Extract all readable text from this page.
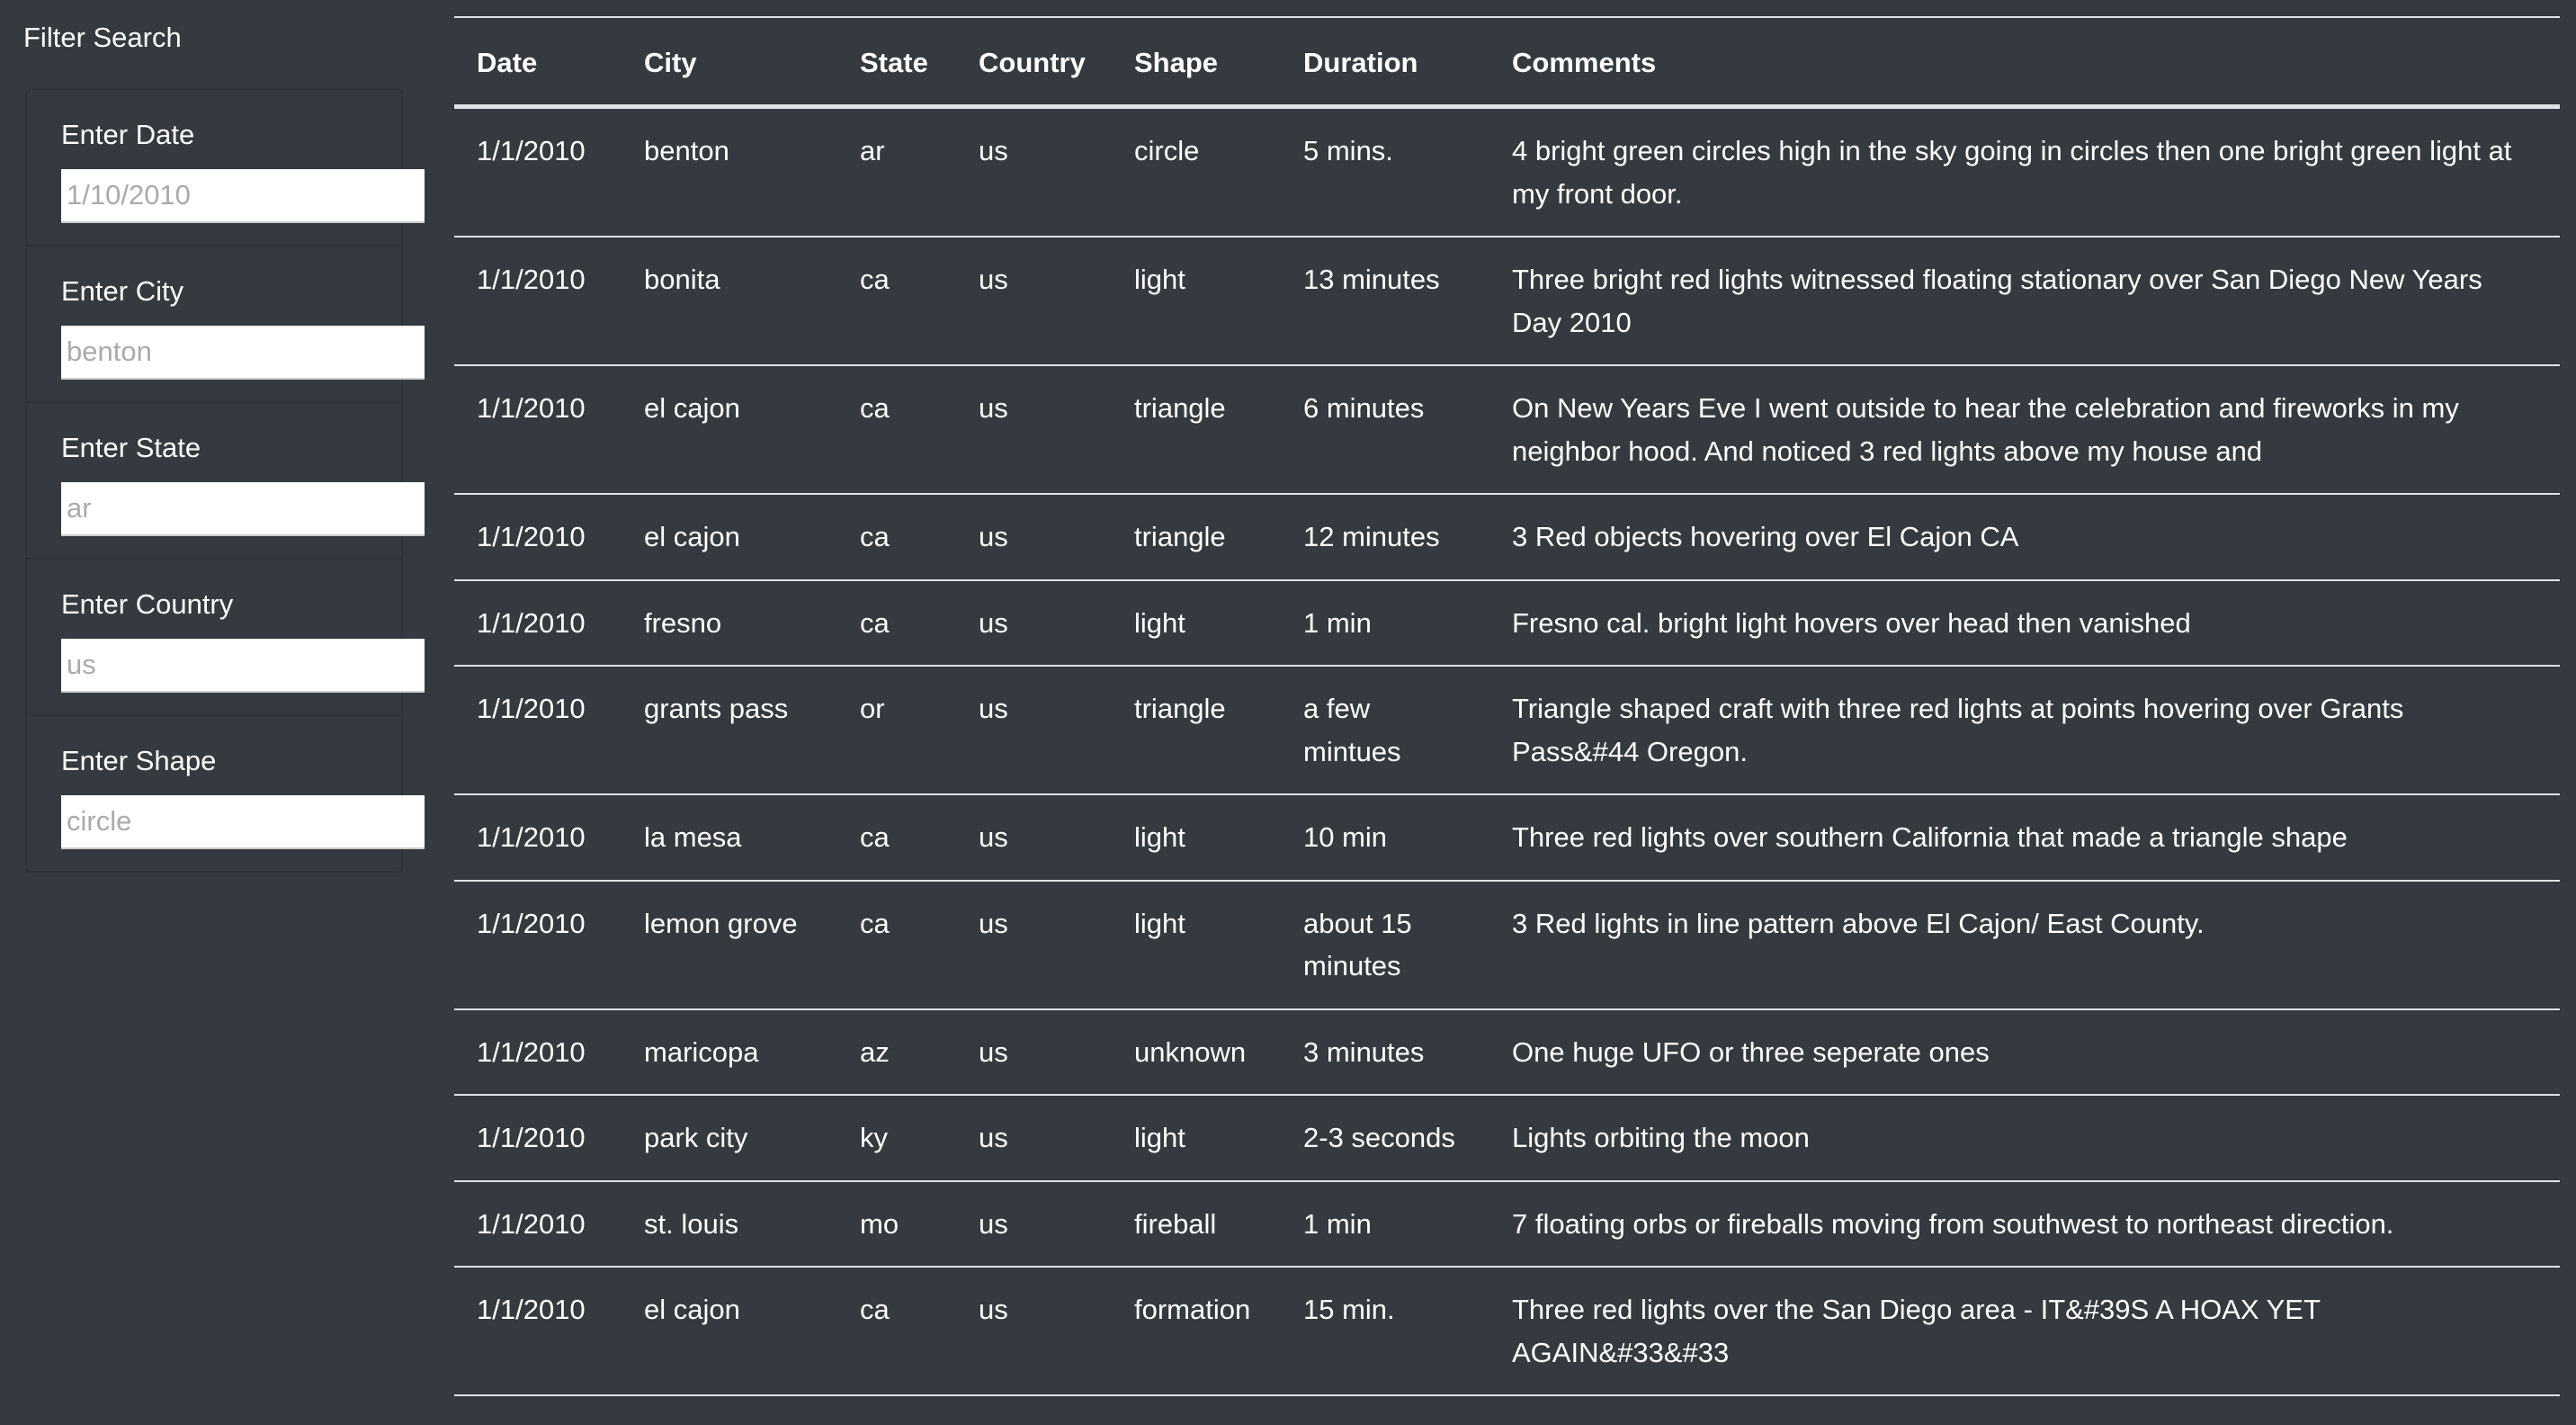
Filter Search
Enter Date
1/10/2010
Enter City
benton
Enter State
ar
Enter Country
us
Enter Shape
circle
Date	City	State	Country	Shape	Duration	Comments
1/1/2010	benton	ar	us	circle	5 mins.	4 bright green circles high in the sky going in circles then one bright green light at my front door.
1/1/2010	bonita	ca	us	light	13 minutes	Three bright red lights witnessed floating stationary over San Diego New Years Day 2010
1/1/2010	el cajon	ca	us	triangle	6 minutes	On New Years Eve I went outside to hear the celebration and fireworks in my neighbor hood. And noticed 3 red lights above my house and
1/1/2010	el cajon	ca	us	triangle	12 minutes	3 Red objects hovering over El Cajon CA
1/1/2010	fresno	ca	us	light	1 min	Fresno cal. bright light hovers over head then vanished
1/1/2010	grants pass	or	us	triangle	a few mintues	Triangle shaped craft with three red lights at points hovering over Grants Pass&#44 Oregon.
1/1/2010	la mesa	ca	us	light	10 min	Three red lights over southern California that made a triangle shape
1/1/2010	lemon grove	ca	us	light	about 15 minutes	3 Red lights in line pattern above El Cajon/ East County.
1/1/2010	maricopa	az	us	unknown	3 minutes	One huge UFO or three seperate ones
1/1/2010	park city	ky	us	light	2-3 seconds	Lights orbiting the moon
1/1/2010	st. louis	mo	us	fireball	1 min	7 floating orbs or fireballs moving from southwest to northeast direction.
1/1/2010	el cajon	ca	us	formation	15 min.	Three red lights over the San Diego area - IT&#39S A HOAX YET AGAIN&#33&#33
